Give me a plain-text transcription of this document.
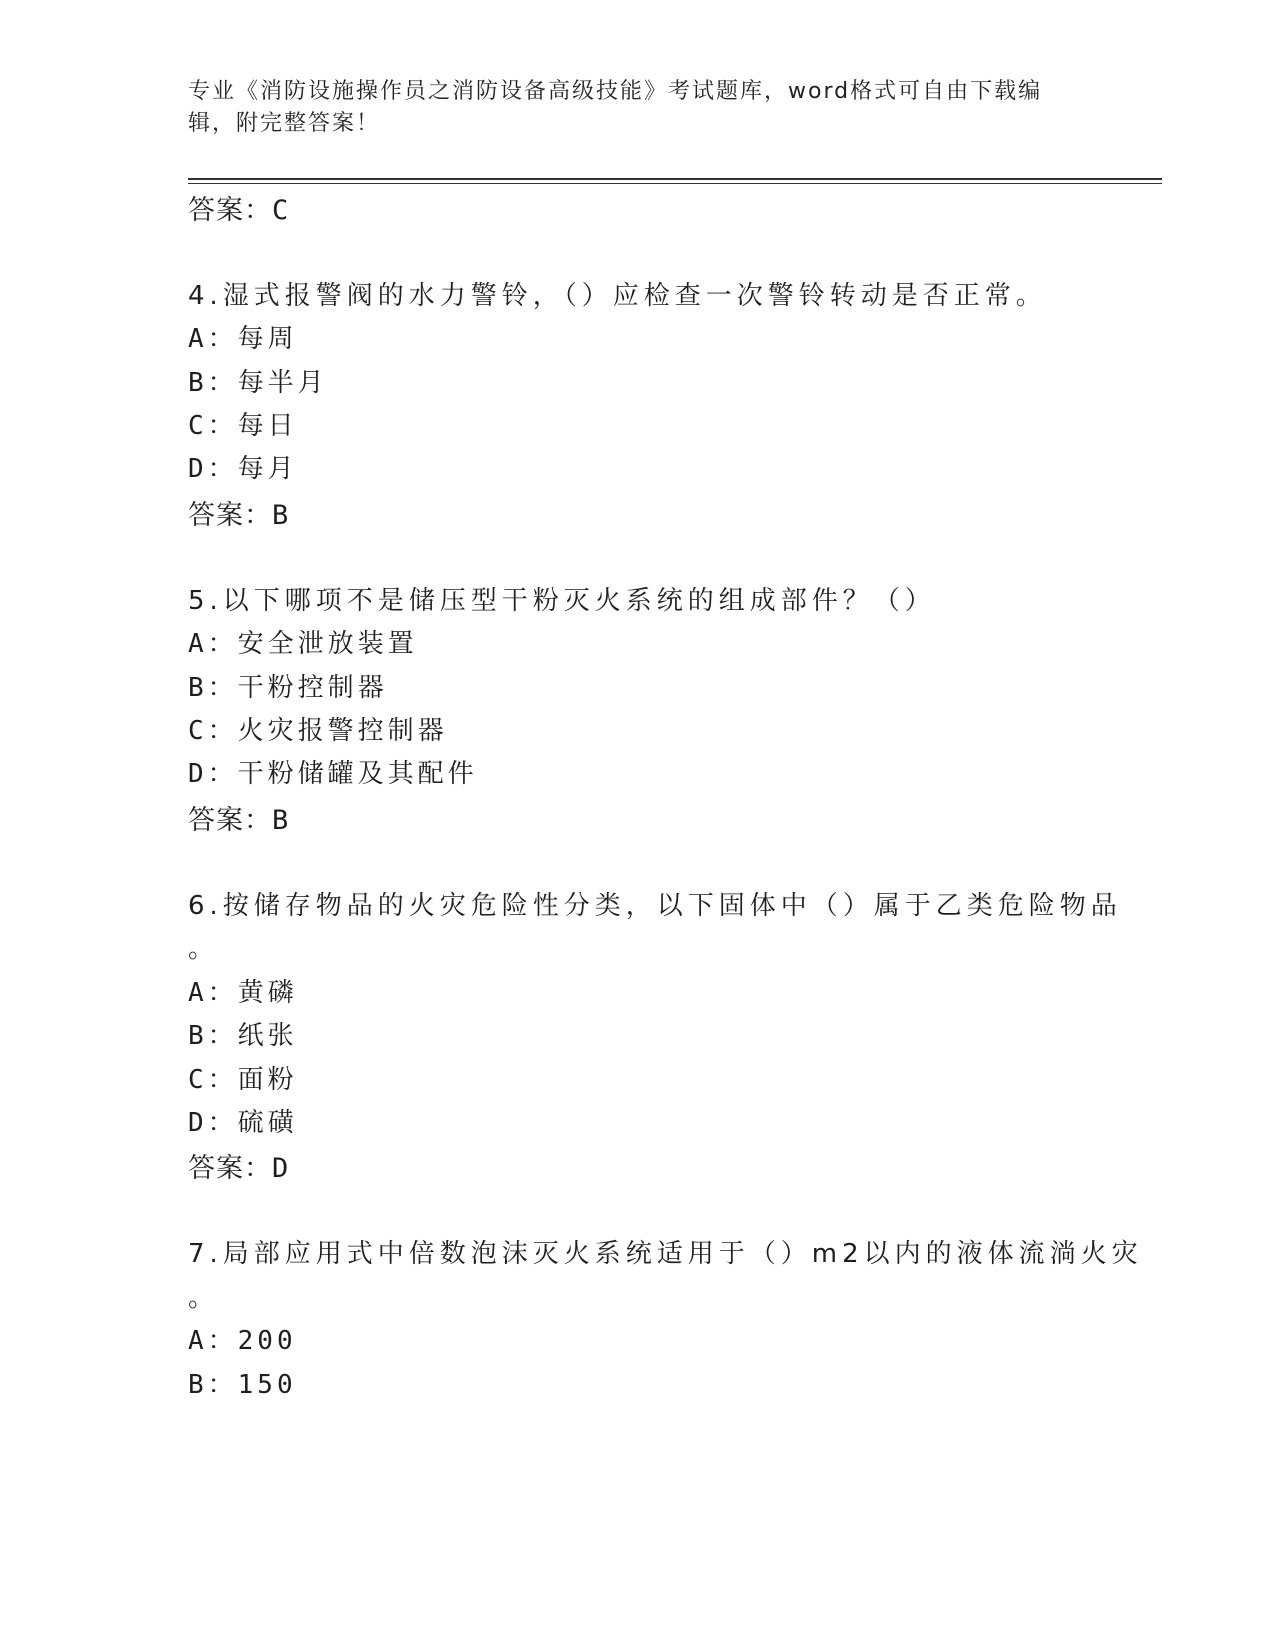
专业《消防设施操作员之消防设备高级技能》考试题库，word格式可自由下载编
辑，附完整答案！
答案：C
4.湿式报警阀的水力警铃，（）应检查一次警铃转动是否正常。
A：每周
B：每半月
C：每日
D：每月
答案：B
5.以下哪项不是储压型干粉灭火系统的组成部件？（）
A：安全泄放装置
B：干粉控制器
C：火灾报警控制器
D：干粉储罐及其配件
答案：B
6.按储存物品的火灾危险性分类，以下固体中（）属于乙类危险物品
。
A：黄磷
B：纸张
C：面粉
D：硫磺
答案：D
7.局部应用式中倍数泡沫灭火系统适用于（）m2以内的液体流淌火灾
。
A：200
B：150
